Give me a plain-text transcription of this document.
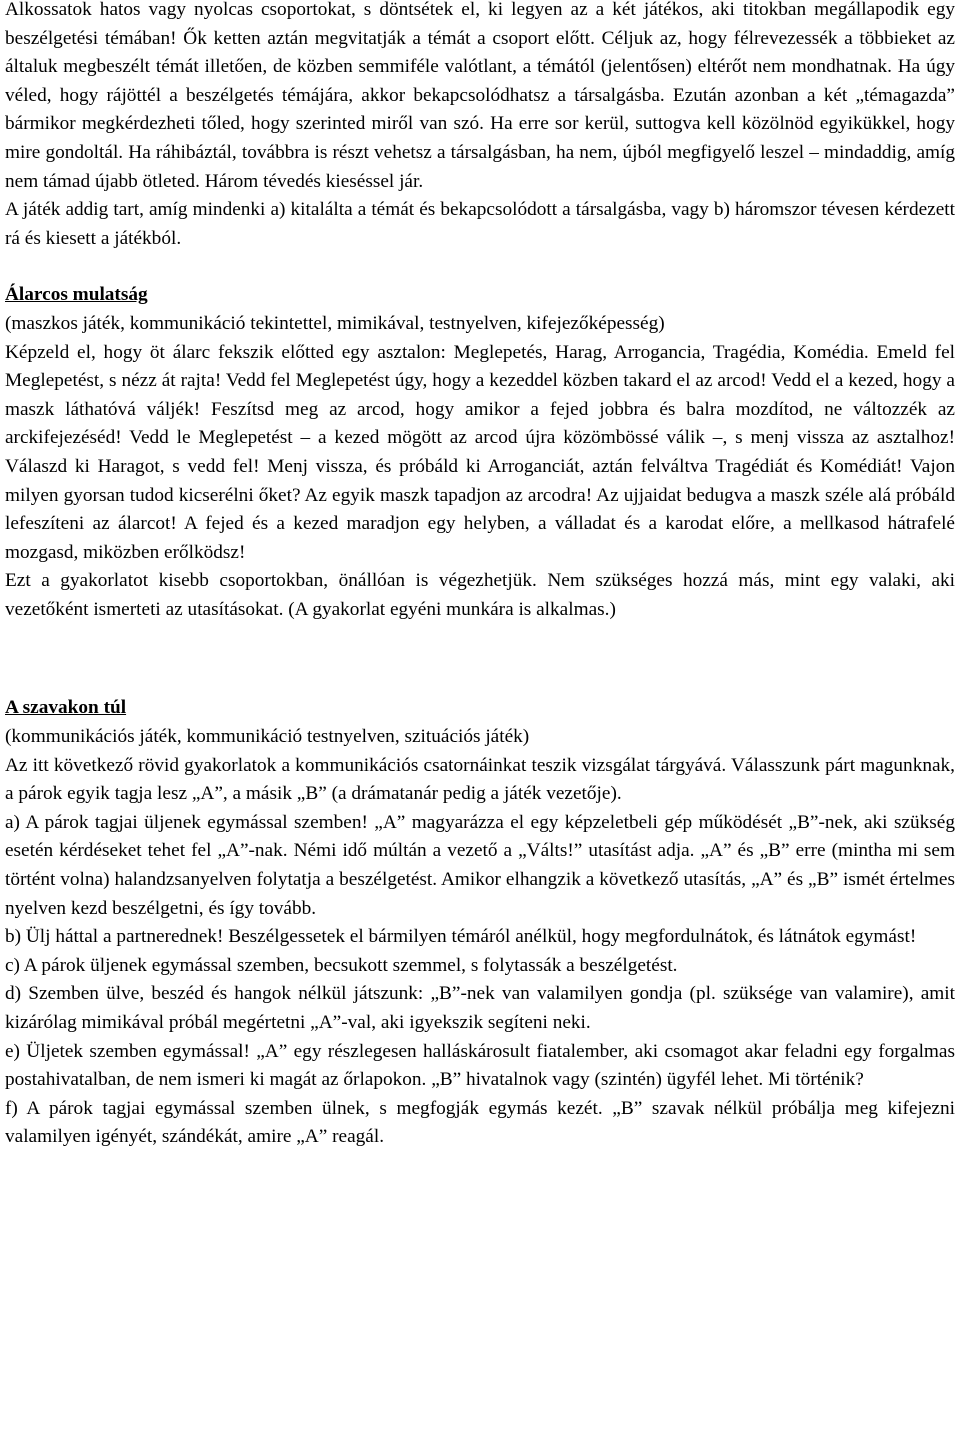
Alkossatok hatos vagy nyolcas csoportokat, s döntsétek el, ki legyen az a két játékos, aki titokban megállapodik egy beszélgetési témában! Ők ketten aztán megvitatják a témát a csoport előtt. Céljuk az, hogy félrevezessék a többieket az általuk megbeszélt témát illetően, de közben semmiféle valótlant, a témától (jelentősen) eltérőt nem mondhatnak. Ha úgy véled, hogy rájöttél a beszélgetés témájára, akkor bekapcsolódhatsz a társalgásba. Ezután azonban a két „témagazda” bármikor megkérdezheti tőled, hogy szerinted miről van szó. Ha erre sor kerül, suttogva kell közölnöd egyikükkel, hogy mire gondoltál. Ha ráhibáztál, továbbra is részt vehetsz a társalgásban, ha nem, újból megfigyelő leszel – mindaddig, amíg nem támad újabb ötleted. Három tévedés kieséssel jár.

A játék addig tart, amíg mindenki a) kitalálta a témát és bekapcsolódott a társalgásba, vagy b) háromszor tévesen kérdezett rá és kiesett a játékból.

Álarcos mulatság

(maszkos játék, kommunikáció tekintettel, mimikával, testnyelven, kifejezőképesség)

Képzeld el, hogy öt álarc fekszik előtted egy asztalon: Meglepetés, Harag, Arrogancia, Tragédia, Komédia. Emeld fel Meglepetést, s nézz át rajta! Vedd fel Meglepetést úgy, hogy a kezeddel közben takard el az arcod! Vedd el a kezed, hogy a maszk láthatóvá váljék! Feszítsd meg az arcod, hogy amikor a fejed jobbra és balra mozdítod, ne változzék az arckifejezéséd! Vedd le Meglepetést – a kezed mögött az arcod újra közömbössé válik –, s menj vissza az asztalhoz! Válaszd ki Haragot, s vedd fel! Menj vissza, és próbáld ki Arroganciát, aztán felváltva Tragédiát és Komédiát! Vajon milyen gyorsan tudod kicserélni őket? Az egyik maszk tapadjon az arcodra! Az ujjaidat bedugva a maszk széle alá próbáld lefeszíteni az álarcot! A fejed és a kezed maradjon egy helyben, a válladat és a karodat előre, a mellkasod hátrafelé mozgasd, miközben erőlködsz!

Ezt a gyakorlatot kisebb csoportokban, önállóan is végezhetjük. Nem szükséges hozzá más, mint egy valaki, aki vezetőként ismerteti az utasításokat. (A gyakorlat egyéni munkára is alkalmas.)

A szavakon túl

(kommunikációs játék, kommunikáció testnyelven, szituációs játék)

Az itt következő rövid gyakorlatok a kommunikációs csatornáinkat teszik vizsgálat tárgyává. Válasszunk párt magunknak, a párok egyik tagja lesz „A”, a másik „B” (a drámatanár pedig a játék vezetője).

a) A párok tagjai üljenek egymással szemben! „A” magyarázza el egy képzeletbeli gép működését „B”-nek, aki szükség esetén kérdéseket tehet fel „A”-nak. Némi idő múltán a vezető a „Válts!” utasítást adja. „A” és „B” erre (mintha mi sem történt volna) halandzsanyelven folytatja a beszélgetést. Amikor elhangzik a következő utasítás, „A” és „B” ismét értelmes nyelven kezd beszélgetni, és így tovább.

b) Ülj háttal a partnerednek! Beszélgessetek el bármilyen témáról anélkül, hogy megfordulnátok, és látnátok egymást!

c) A párok üljenek egymással szemben, becsukott szemmel, s folytassák a beszélgetést.

d) Szemben ülve, beszéd és hangok nélkül játszunk: „B”-nek van valamilyen gondja (pl. szüksége van valamire), amit kizárólag mimikával próbál megértetni „A”-val, aki igyekszik segíteni neki.

e) Üljetek szemben egymással! „A” egy részlegesen halláskárosult fiatalember, aki csomagot akar feladni egy forgalmas postahivatalban, de nem ismeri ki magát az őrlapokon. „B” hivatalnok vagy (szintén) ügyfél lehet. Mi történik?

f) A párok tagjai egymással szemben ülnek, s megfogják egymás kezét. „B” szavak nélkül próbálja meg kifejezni valamilyen igényét, szándékát, amire „A” reagál.
